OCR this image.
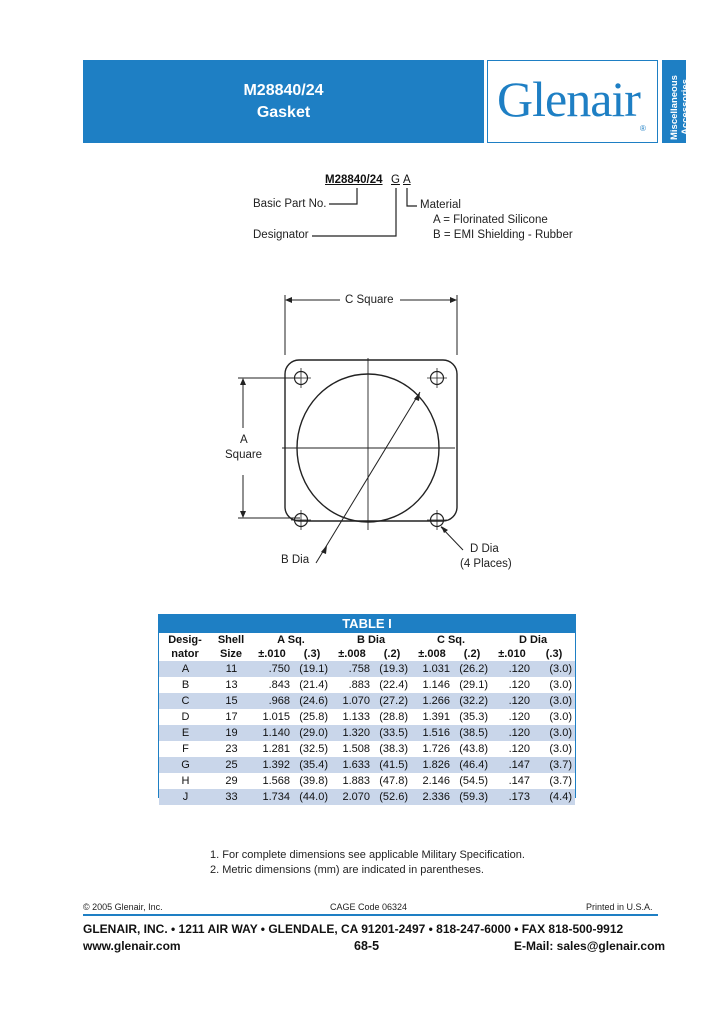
M28840/24
Gasket	Glenair
® Miscellaneous Accessories
M28840/24 G A
Basic Part No.
Designator
Material
A = Florinated Silicone
B = EMI Shielding - Rubber
C Square
A
Square
B Dia
D Dia
(4 Places)
TABLE I
Desig-	Shell	A Sq.		B Dia		C Sq.		D Dia	
nator	Size	±.010	(.3)	±.008	(.2)	±.008	(.2)	±.010	(.3)
A	11	.750	(19.1)	.758	(19.3)	1.031	(26.2)	.120	(3.0)
B	13	.843	(21.4)	.883	(22.4)	1.146	(29.1)	.120	(3.0)
C	15	.968	(24.6)	1.070	(27.2)	1.266	(32.2)	.120	(3.0)
D	17	1.015	(25.8)	1.133	(28.8)	1.391	(35.3)	.120	(3.0)
E	19	1.140	(29.0)	1.320	(33.5)	1.516	(38.5)	.120	(3.0)
F	23	1.281	(32.5)	1.508	(38.3)	1.726	(43.8)	.120	(3.0)
G	25	1.392	(35.4)	1.633	(41.5)	1.826	(46.4)	.147	(3.7)
H	29	1.568	(39.8)	1.883	(47.8)	2.146	(54.5)	.147	(3.7)
J	33	1.734	(44.0)	2.070	(52.6)	2.336	(59.3)	.173	(4.4)
1. For complete dimensions see applicable Military Specification.
2. Metric dimensions (mm) are indicated in parentheses.
© 2005 Glenair, Inc.	CAGE Code 06324	Printed in U.S.A.
GLENAIR, INC. • 1211 AIR WAY • GLENDALE, CA 91201-2497 • 818-247-6000 • FAX 818-500-9912
www.glenair.com	68-5	E-Mail: sales@glenair.com
